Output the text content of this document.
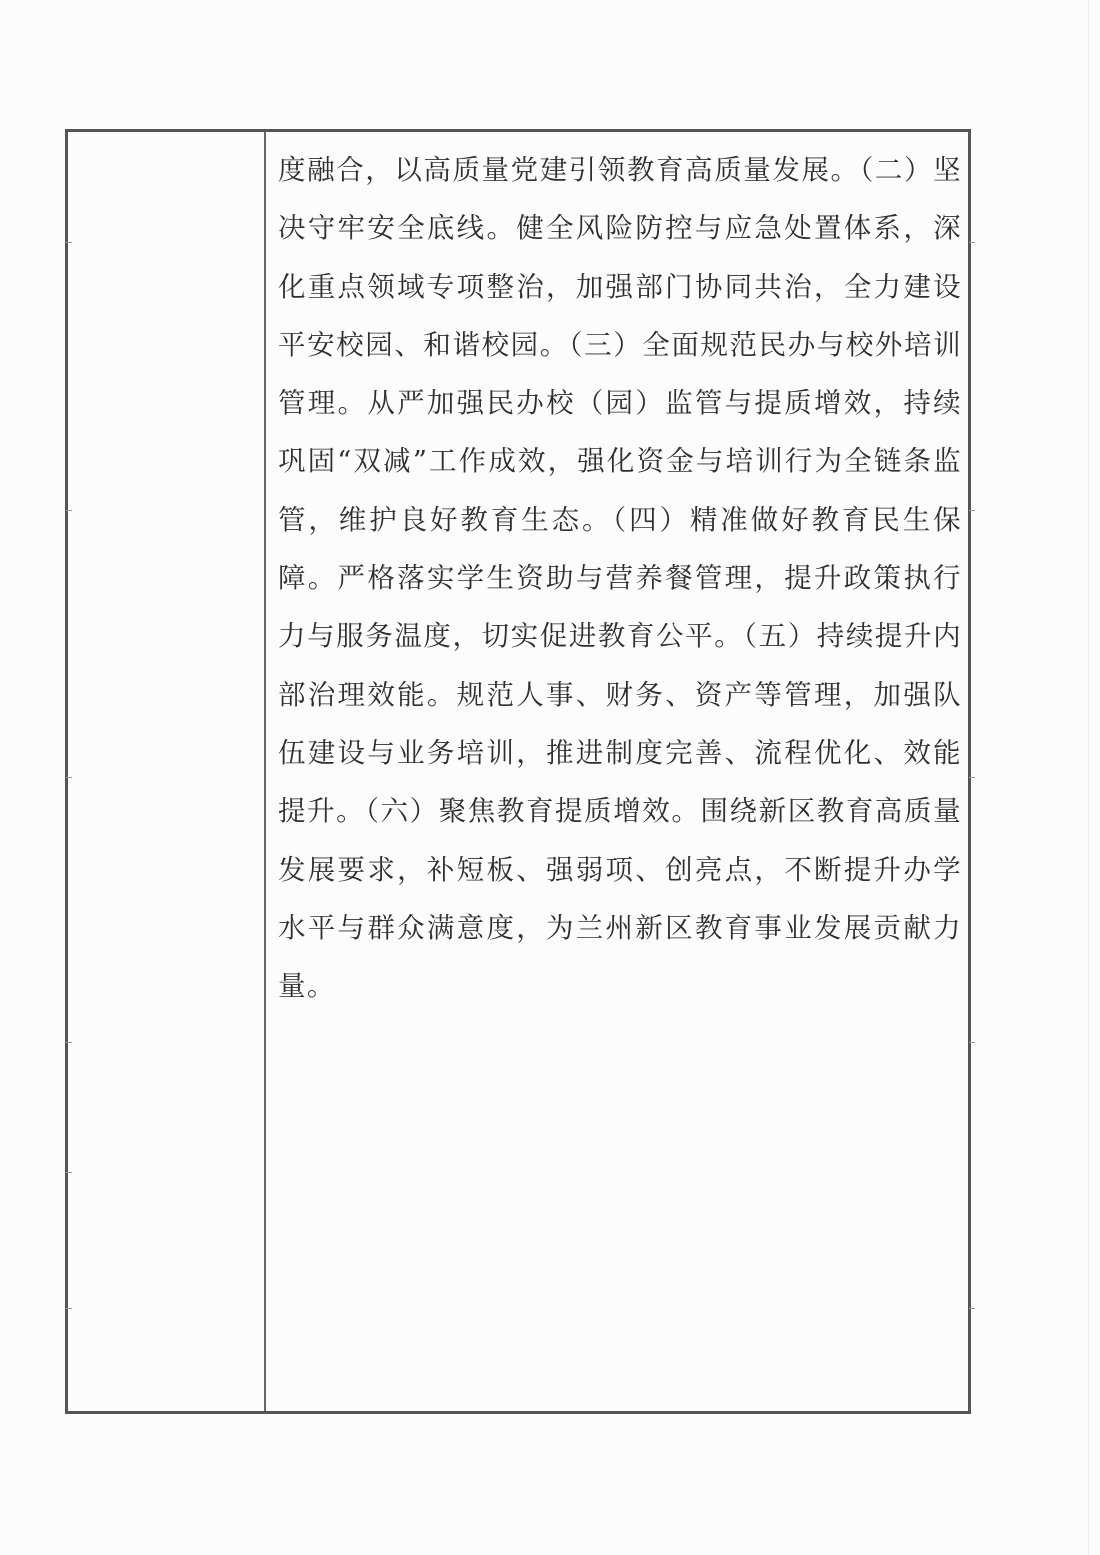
度融合，以高质量党建引领教育高质量发展。（二）坚决守牢安全底线。健全风险防控与应急处置体系，深化重点领域专项整治，加强部门协同共治，全力建设平安校园、和谐校园。（三）全面规范民办与校外培训管理。从严加强民办校（园）监管与提质增效，持续巩固“双减”工作成效，强化资金与培训行为全链条监管，维护良好教育生态。（四）精准做好教育民生保障。严格落实学生资助与营养餐管理，提升政策执行力与服务温度，切实促进教育公平。（五）持续提升内部治理效能。规范人事、财务、资产等管理，加强队伍建设与业务培训，推进制度完善、流程优化、效能提升。（六）聚焦教育提质增效。围绕新区教育高质量发展要求，补短板、强弱项、创亮点，不断提升办学水平与群众满意度，为兰州新区教育事业发展贡献力量。
